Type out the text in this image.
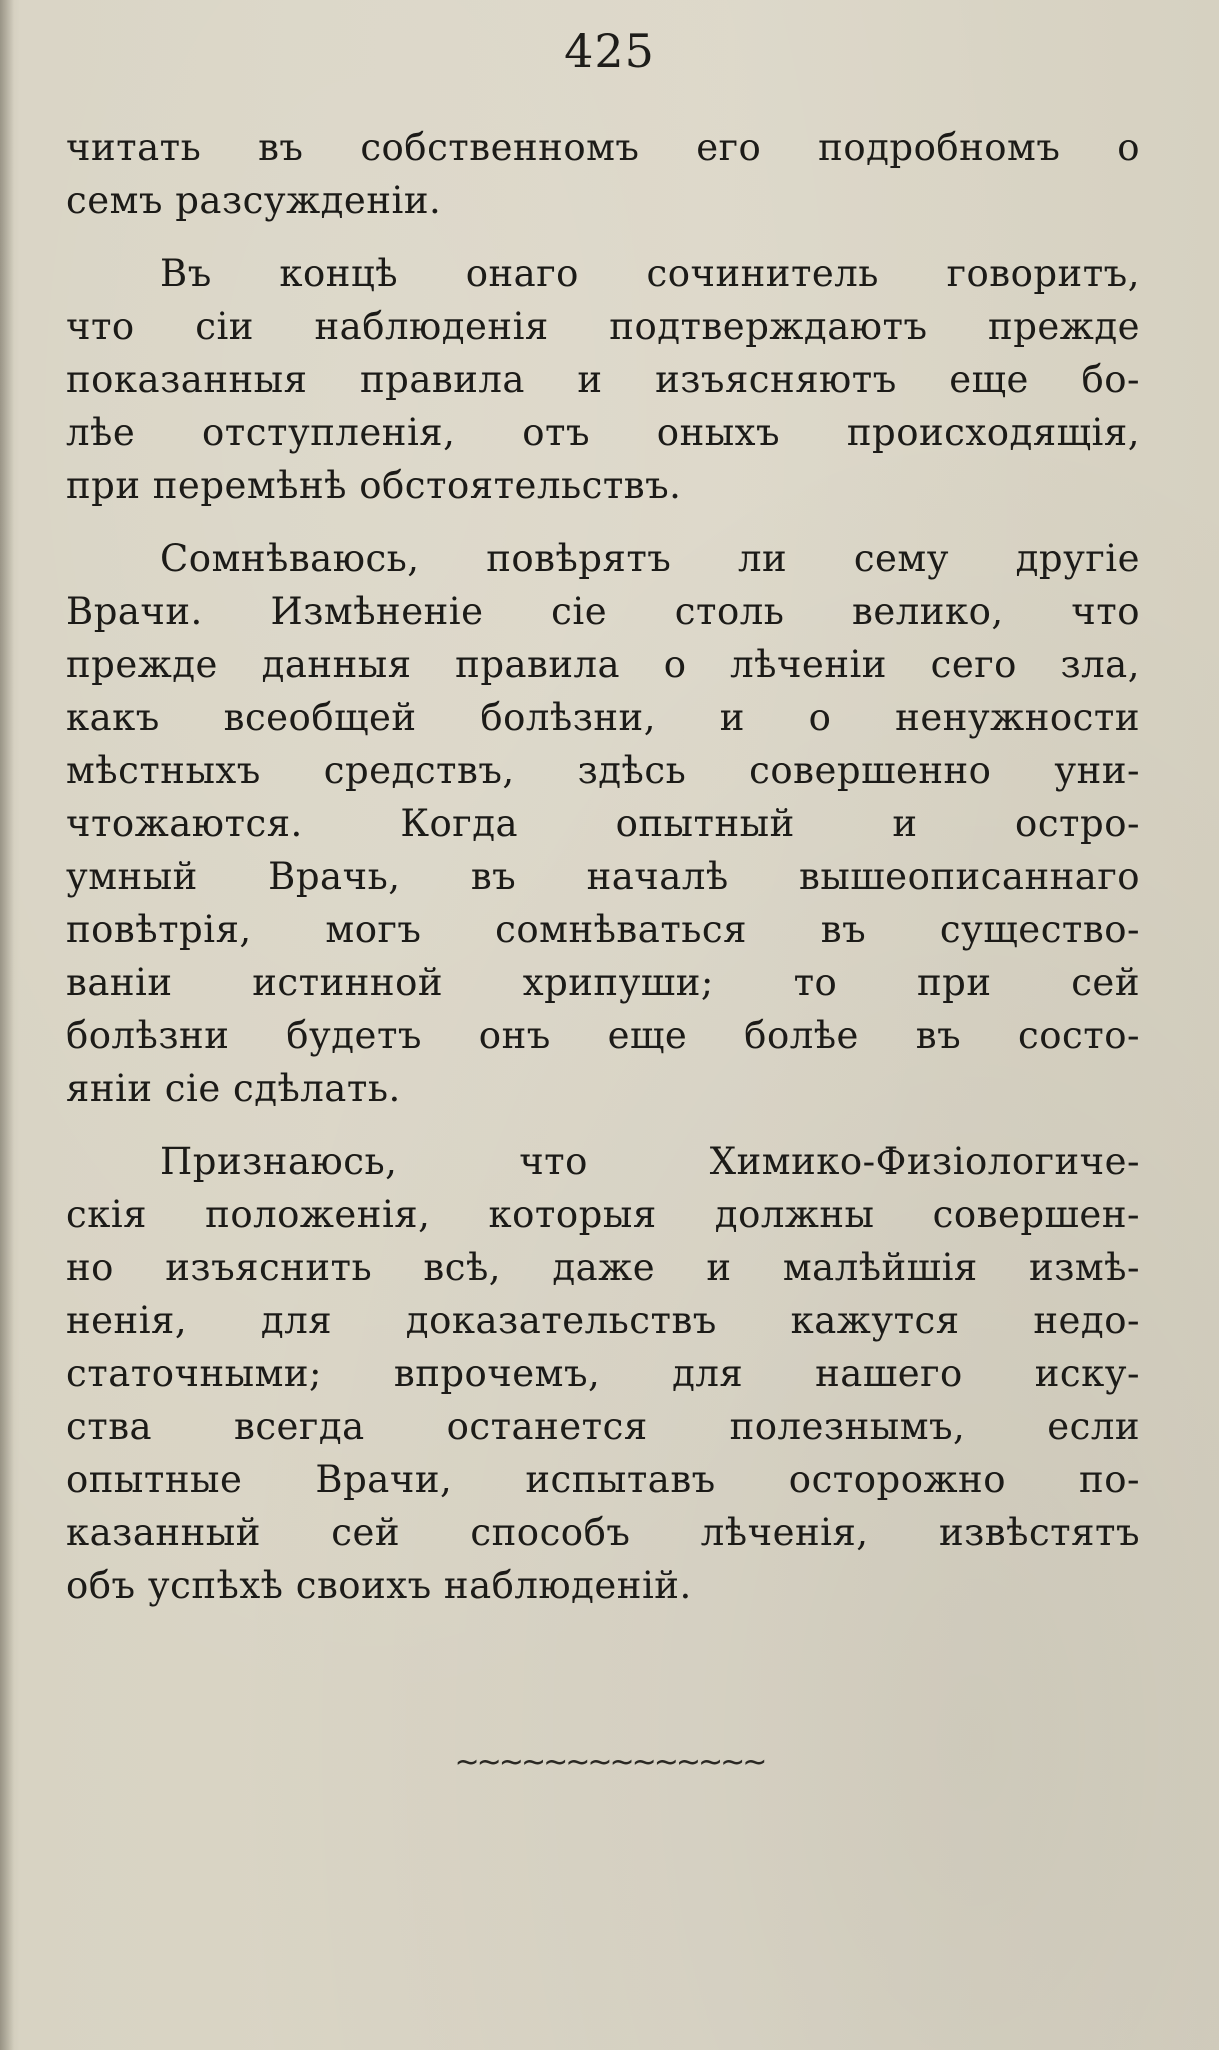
425
читать въ собственномъ его подробномъ о
семъ разсужденіи.
Въ концѣ онаго сочинитель говоритъ,
что сіи наблюденія подтверждаютъ прежде
показанныя правила и изъясняютъ еще бо-
лѣе отступленія, отъ оныхъ происходящія,
при перемѣнѣ обстоятельствъ.
Сомнѣваюсь, повѣрятъ ли сему другіе
Врачи. Измѣненіе сіе столь велико, что
прежде данныя правила о лѣченіи сего зла,
какъ всеобщей болѣзни, и о ненужности
мѣстныхъ средствъ, здѣсь совершенно уни-
чтожаются. Когда опытный и остро-
умный Врачь, въ началѣ вышеописаннаго
повѣтрія, могъ сомнѣваться въ существо-
ваніи истинной хрипуши; то при сей
болѣзни будетъ онъ еще болѣе въ состо-
яніи сіе сдѣлать.
Признаюсь, что Химико-Физіологиче-
скія положенія, которыя должны совершен-
но изъяснить всѣ, даже и малѣйшія измѣ-
ненія, для доказательствъ кажутся недо-
статочными; впрочемъ, для нашего иску-
ства всегда останется полезнымъ, если
опытные Врачи, испытавъ осторожно по-
казанный сей способъ лѣченія, извѣстятъ
объ успѣхѣ своихъ наблюденій.
~~~~~~~~~~~~~~
